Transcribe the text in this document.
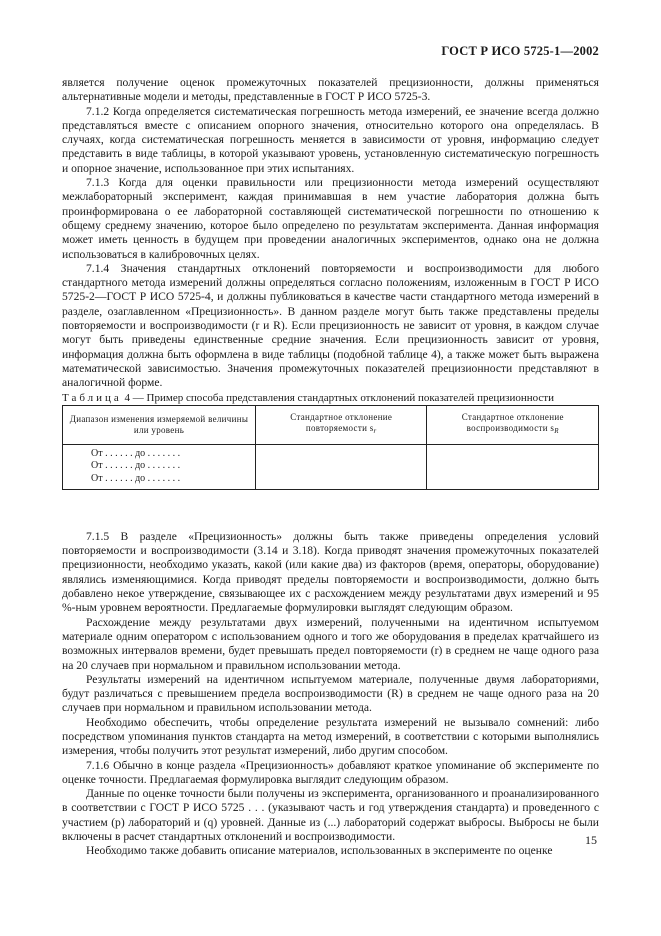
ГОСТ Р ИСО 5725-1—2002

является получение оценок промежуточных показателей прецизионности, должны применяться альтернативные модели и методы, представленные в ГОСТ Р ИСО 5725-3.

7.1.2 Когда определяется систематическая погрешность метода измерений, ее значение всегда должно представляться вместе с описанием опорного значения, относительно которого она определялась. В случаях, когда систематическая погрешность меняется в зависимости от уровня, информацию следует представить в виде таблицы, в которой указывают уровень, установленную систематическую погрешность и опорное значение, использованное при этих испытаниях.

7.1.3 Когда для оценки правильности или прецизионности метода измерений осуществляют межлабораторный эксперимент, каждая принимавшая в нем участие лаборатория должна быть проинформирована о ее лабораторной составляющей систематической погрешности по отношению к общему среднему значению, которое было определено по результатам эксперимента. Данная информация может иметь ценность в будущем при проведении аналогичных экспериментов, однако она не должна использоваться в калибровочных целях.

7.1.4 Значения стандартных отклонений повторяемости и воспроизводимости для любого стандартного метода измерений должны определяться согласно положениям, изложенным в ГОСТ Р ИСО 5725-2—ГОСТ Р ИСО 5725-4, и должны публиковаться в качестве части стандартного метода измерений в разделе, озаглавленном «Прецизионность». В данном разделе могут быть также представлены пределы повторяемости и воспроизводимости (r и R). Если прецизионность не зависит от уровня, в каждом случае могут быть приведены единственные средние значения. Если прецизионность зависит от уровня, информация должна быть оформлена в виде таблицы (подобной таблице 4), а также может быть выражена математической зависимостью. Значения промежуточных показателей прецизионности представляют в аналогичной форме.

Таблица 4 — Пример способа представления стандартных отклонений показателей прецизионности

Диапазон изменения измеряемой величины или уровень	Стандартное отклонение повторяемости $s_r$	Стандартное отклонение воспроизводимости $s_R$

От . . . . . . до . . . . . . .
От . . . . . . до . . . . . . .
От . . . . . . до . . . . . . .		

7.1.5 В разделе «Прецизионность» должны быть также приведены определения условий повторяемости и воспроизводимости (3.14 и 3.18). Когда приводят значения промежуточных показателей прецизионности, необходимо указать, какой (или какие два) из факторов (время, операторы, оборудование) являлись изменяющимися. Когда приводят пределы повторяемости и воспроизводимости, должно быть добавлено некое утверждение, связывающее их с расхождением между результатами двух измерений и 95 %-ным уровнем вероятности. Предлагаемые формулировки выглядят следующим образом.

Расхождение между результатами двух измерений, полученными на идентичном испытуемом материале одним оператором с использованием одного и того же оборудования в пределах кратчайшего из возможных интервалов времени, будет превышать предел повторяемости (r) в среднем не чаще одного раза на 20 случаев при нормальном и правильном использовании метода.

Результаты измерений на идентичном испытуемом материале, полученные двумя лабораториями, будут различаться с превышением предела воспроизводимости (R) в среднем не чаще одного раза на 20 случаев при нормальном и правильном использовании метода.

Необходимо обеспечить, чтобы определение результата измерений не вызывало сомнений: либо посредством упоминания пунктов стандарта на метод измерений, в соответствии с которыми выполнялись измерения, чтобы получить этот результат измерений, либо другим способом.

7.1.6 Обычно в конце раздела «Прецизионность» добавляют краткое упоминание об эксперименте по оценке точности. Предлагаемая формулировка выглядит следующим образом.

Данные по оценке точности были получены из эксперимента, организованного и проанализированного в соответствии с ГОСТ Р ИСО 5725 . . . (указывают часть и год утверждения стандарта) и проведенного с участием (p) лабораторий и (q) уровней. Данные из (...) лабораторий содержат выбросы. Выбросы не были включены в расчет стандартных отклонений и воспроизводимости.

Необходимо также добавить описание материалов, использованных в эксперименте по оценке

15
